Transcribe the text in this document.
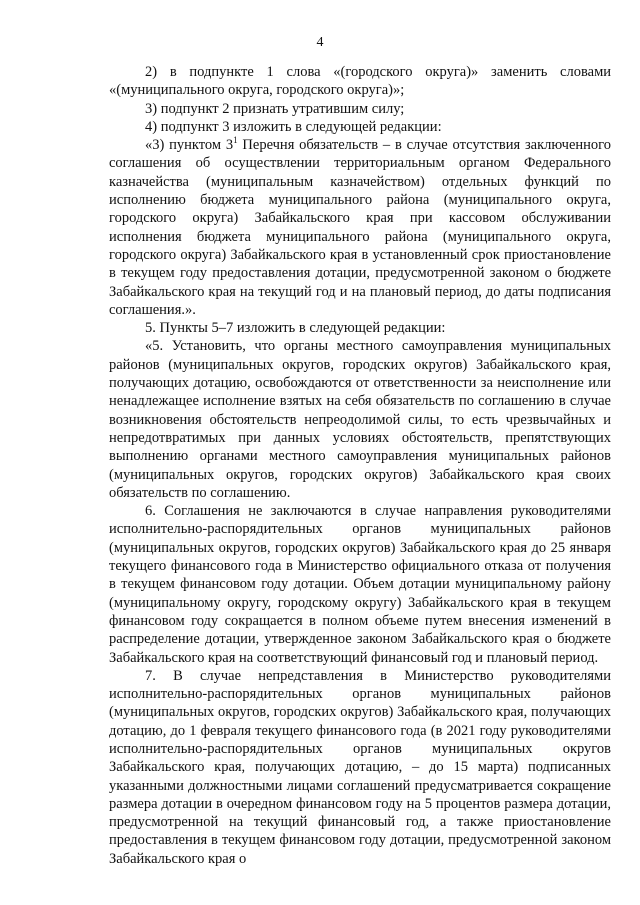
4

2) в подпункте 1 слова «(городского округа)» заменить словами «(муниципального округа, городского округа)»;

3) подпункт 2 признать утратившим силу;

4) подпункт 3 изложить в следующей редакции:

«3) пунктом $3^1$ Перечня обязательств – в случае отсутствия заключенного соглашения об осуществлении территориальным органом Федерального казначейства (муниципальным казначейством) отдельных функций по исполнению бюджета муниципального района (муниципального округа, городского округа) Забайкальского края при кассовом обслуживании исполнения бюджета муниципального района (муниципального округа, городского округа) Забайкальского края в установленный срок приостановление в текущем году предоставления дотации, предусмотренной законом о бюджете Забайкальского края на текущий год и на плановый период, до даты подписания соглашения.».

5. Пункты 5–7 изложить в следующей редакции:

«5. Установить, что органы местного самоуправления муниципальных районов (муниципальных округов, городских округов) Забайкальского края, получающих дотацию, освобождаются от ответственности за неисполнение или ненадлежащее исполнение взятых на себя обязательств по соглашению в случае возникновения обстоятельств непреодолимой силы, то есть чрезвычайных и непредотвратимых при данных условиях обстоятельств, препятствующих выполнению органами местного самоуправления муниципальных районов (муниципальных округов, городских округов) Забайкальского края своих обязательств по соглашению.

6. Соглашения не заключаются в случае направления руководителями исполнительно-распорядительных органов муниципальных районов (муниципальных округов, городских округов) Забайкальского края до 25 января текущего финансового года в Министерство официального отказа от получения в текущем финансовом году дотации. Объем дотации муниципальному району (муниципальному округу, городскому округу) Забайкальского края в текущем финансовом году сокращается в полном объеме путем внесения изменений в распределение дотации, утвержденное законом Забайкальского края о бюджете Забайкальского края на соответствующий финансовый год и плановый период.

7. В случае непредставления в Министерство руководителями исполнительно-распорядительных органов муниципальных районов (муниципальных округов, городских округов) Забайкальского края, получающих дотацию, до 1 февраля текущего финансового года (в 2021 году руководителями исполнительно-распорядительных органов муниципальных округов Забайкальского края, получающих дотацию, – до 15 марта) подписанных указанными должностными лицами соглашений предусматривается сокращение размера дотации в очередном финансовом году на 5 процентов размера дотации, предусмотренной на текущий финансовый год, а также приостановление предоставления в текущем финансовом году дотации, предусмотренной законом Забайкальского края о
